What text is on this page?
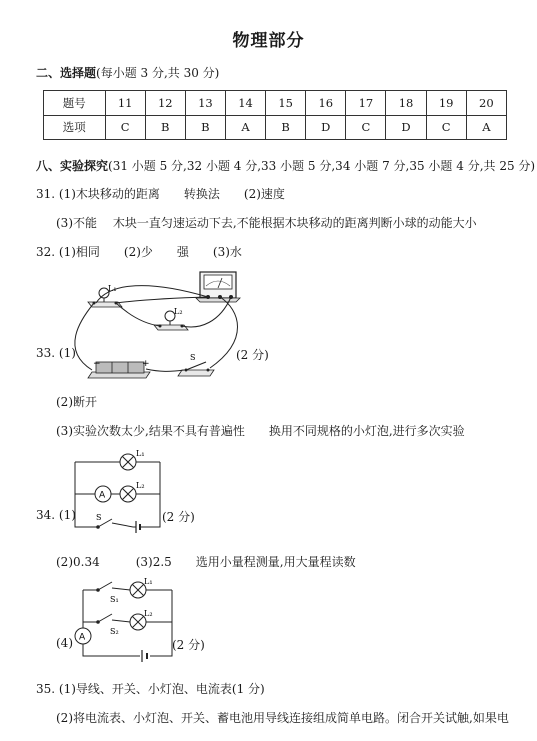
物理部分
二、选择题(每小题 3 分,共 30 分)
题号	11	12	13	14	15	16	17	18	19	20
选项	C	B	B	A	B	D	C	D	C	A
八、实验探究(31 小题 5 分,32 小题 4 分,33 小题 5 分,34 小题 7 分,35 小题 4 分,共 25 分)
31. (1)木块移动的距离　　转换法　　(2)速度
(3)不能　 木块一直匀速运动下去,不能根据木块移动的距离判断小球的动能大小
32. (1)相同　　(2)少　　强　　(3)水
33. (1)	(2 分)
L₁
L₂
−	+
S
(2)断开
(3)实验次数太少,结果不具有普遍性　　换用不同规格的小灯泡,进行多次实验
34. (1)	(2 分)
L₁
A
L₂
S
(2)0.34　　　(3)2.5　　选用小量程测量,用大量程读数
(4)	(2 分)
S₁
L₁
S₂
L₂
A
35. (1)导线、开关、小灯泡、电流表(1 分)
(2)将电流表、小灯泡、开关、蓄电池用导线连接组成简单电路。闭合开关试触,如果电
